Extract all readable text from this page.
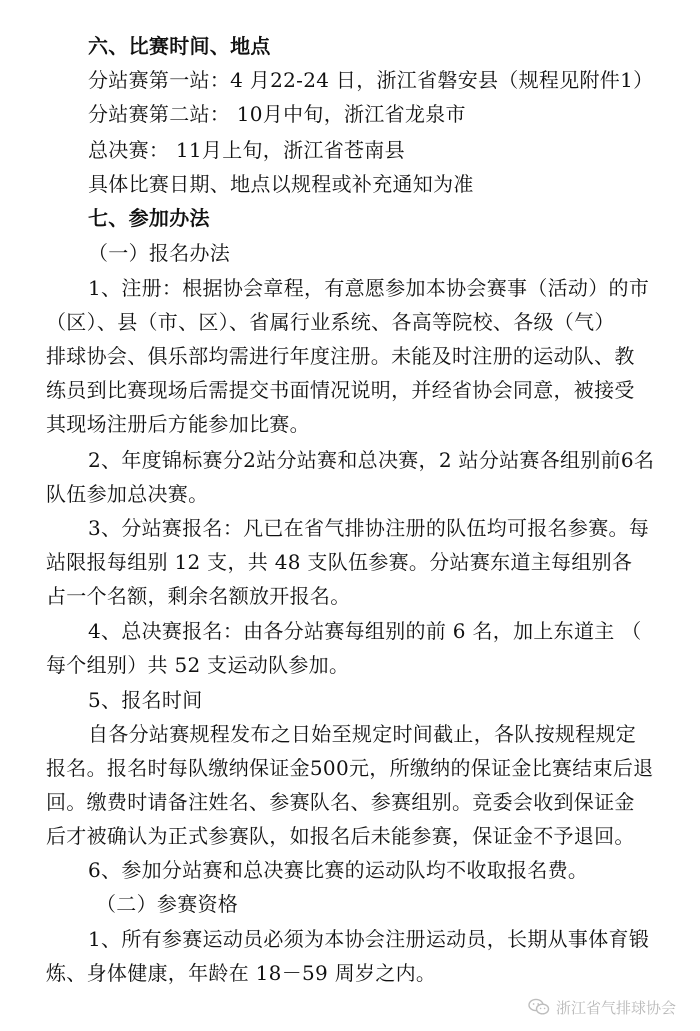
六、比赛时间、地点
分站赛第一站：4 月22-24 日，浙江省磐安县（规程见附件1）
分站赛第二站： 10月中旬，浙江省龙泉市
总决赛： 11月上旬，浙江省苍南县
具体比赛日期、地点以规程或补充通知为准
七、参加办法
（一）报名办法
1、注册：根据协会章程，有意愿参加本协会赛事（活动）的市
（区）、县（市、区）、省属行业系统、各高等院校、各级（气）
排球协会、俱乐部均需进行年度注册。未能及时注册的运动队、教
练员到比赛现场后需提交书面情况说明，并经省协会同意，被接受
其现场注册后方能参加比赛。
2、年度锦标赛分2站分站赛和总决赛，2 站分站赛各组别前6名
队伍参加总决赛。
3、分站赛报名：凡已在省气排协注册的队伍均可报名参赛。每
站限报每组别 12 支，共 48 支队伍参赛。分站赛东道主每组别各
占一个名额，剩余名额放开报名。
4、总决赛报名：由各分站赛每组别的前 6 名，加上东道主 （
每个组别）共 52 支运动队参加。
5、报名时间
自各分站赛规程发布之日始至规定时间截止，各队按规程规定
报名。报名时每队缴纳保证金500元，所缴纳的保证金比赛结束后退
回。缴费时请备注姓名、参赛队名、参赛组别。竞委会收到保证金
后才被确认为正式参赛队，如报名后未能参赛，保证金不予退回。
6、参加分站赛和总决赛比赛的运动队均不收取报名费。
（二）参赛资格
1、所有参赛运动员必须为本协会注册运动员，长期从事体育锻
炼、身体健康，年龄在 18－59 周岁之内。
浙江省气排球协会
